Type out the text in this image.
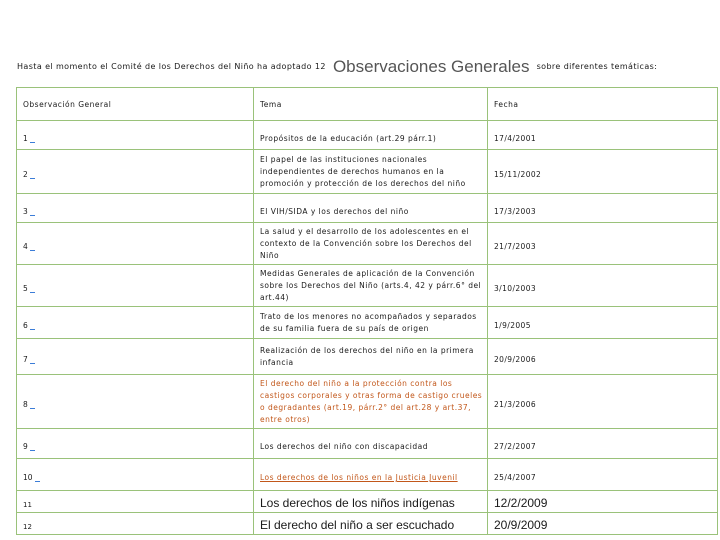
Hasta el momento el Comité de los Derechos del Niño ha adoptado 12 Observaciones Generales sobre diferentes temáticas:
Observación General	Tema	Fecha
1	Propósitos de la educación (art.29 párr.1)	17/4/2001
2	El papel de las instituciones nacionales independientes de derechos humanos en la promoción y protección de los derechos del niño	15/11/2002
3	El VIH/SIDA y los derechos del niño	17/3/2003
4	La salud y el desarrollo de los adolescentes en el contexto de la Convención sobre los Derechos del Niño	21/7/2003
5	Medidas Generales de aplicación de la Convención sobre los Derechos del Niño (arts.4, 42 y párr.6° del art.44)	3/10/2003
6	Trato de los menores no acompañados y separados de su familia fuera de su país de origen	1/9/2005
7	Realización de los derechos del niño en la primera infancia	20/9/2006
8	El derecho del niño a la protección contra los castigos corporales y otras forma de castigo crueles o degradantes (art.19, párr.2° del art.28 y art.37, entre otros)	21/3/2006
9	Los derechos del niño con discapacidad	27/2/2007
10	Los derechos de los niños en la Justicia Juvenil	25/4/2007
11	Los derechos de los niños indígenas	12/2/2009
12	El derecho del niño a ser escuchado	20/9/2009
